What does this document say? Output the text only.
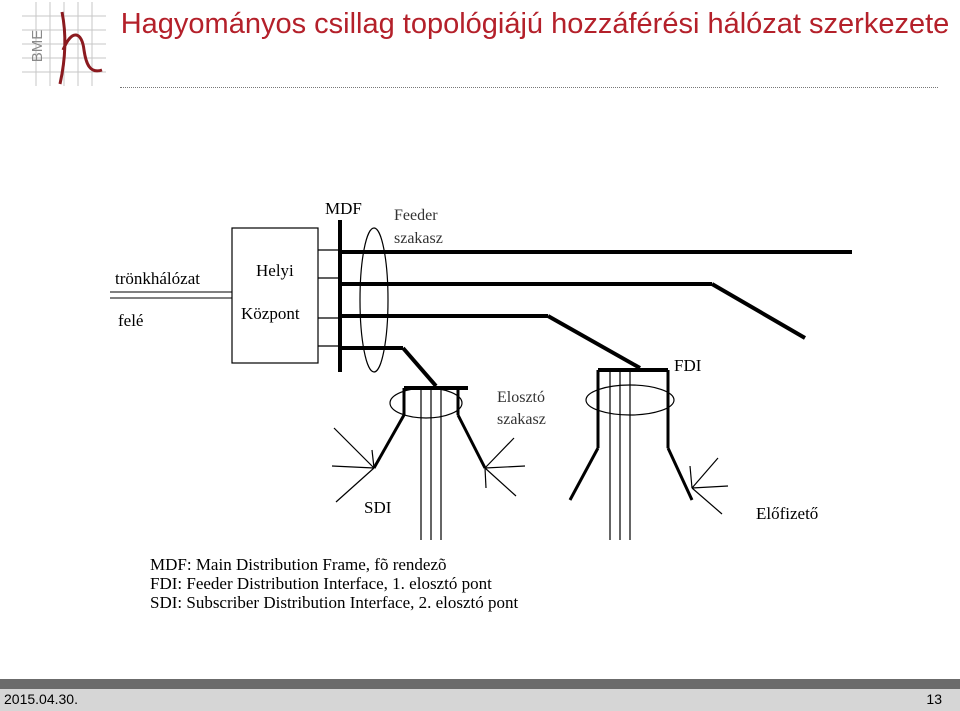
BME
Hagyományos csillag topológiájú hozzáférési hálózat szerkezete
MDF Feeder
szakasz
trönkhálózat
felé
Helyi
Központ
FDI
Elosztó
szakasz
SDI	Előfizető
MDF: Main Distribution Frame, fõ rendezõ
FDI: Feeder Distribution Interface, 1. elosztó pont
SDI: Subscriber Distribution Interface, 2. elosztó pont
2015.04.30.	13
